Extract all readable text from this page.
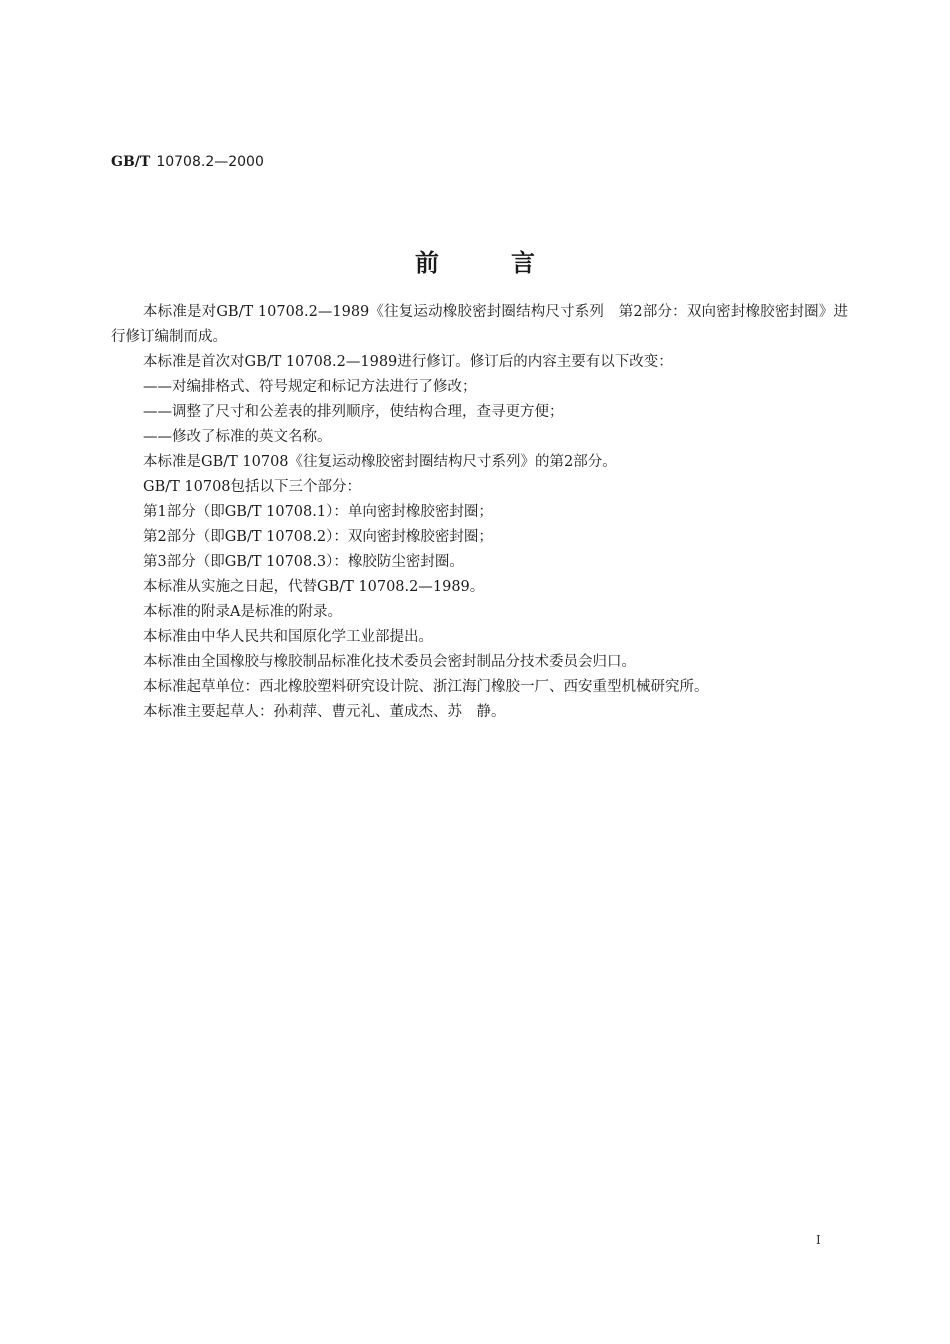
GB/T 10708.2—2000
前言

本标准是对GB/T 10708.2—1989《往复运动橡胶密封圈结构尺寸系列　第2部分：双向密封橡胶密封圈》进行修订编制而成。

本标准是首次对GB/T 10708.2—1989进行修订。修订后的内容主要有以下改变：

——对编排格式、符号规定和标记方法进行了修改；

——调整了尺寸和公差表的排列顺序，使结构合理，查寻更方便；

——修改了标准的英文名称。

本标准是GB/T 10708《往复运动橡胶密封圈结构尺寸系列》的第2部分。

GB/T 10708包括以下三个部分：

第1部分（即GB/T 10708.1）：单向密封橡胶密封圈；

第2部分（即GB/T 10708.2）：双向密封橡胶密封圈；

第3部分（即GB/T 10708.3）：橡胶防尘密封圈。

本标准从实施之日起，代替GB/T 10708.2—1989。

本标准的附录A是标准的附录。

本标准由中华人民共和国原化学工业部提出。

本标准由全国橡胶与橡胶制品标准化技术委员会密封制品分技术委员会归口。

本标准起草单位：西北橡胶塑料研究设计院、浙江海门橡胶一厂、西安重型机械研究所。

本标准主要起草人：孙莉萍、曹元礼、董成杰、苏　静。

I
